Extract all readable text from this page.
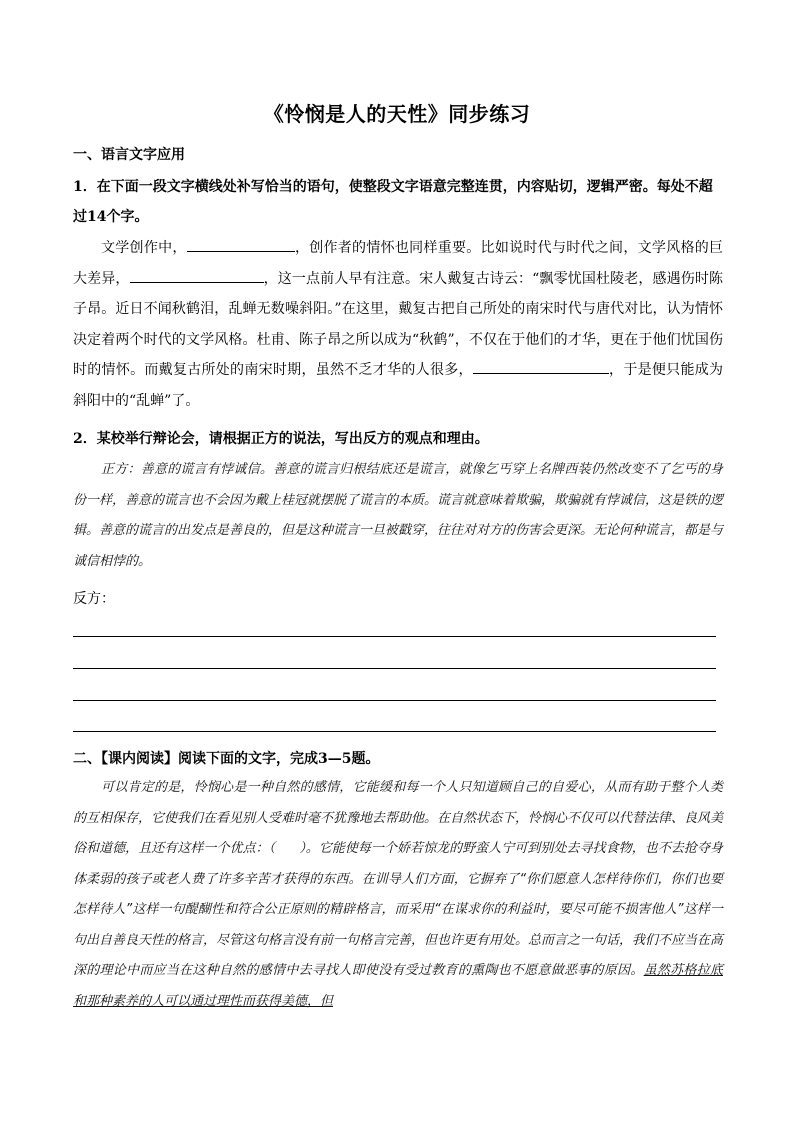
《怜悯是人的天性》同步练习
一、语言文字应用
1．在下面一段文字横线处补写恰当的语句，使整段文字语意完整连贯，内容贴切，逻辑严密。每处不超过14个字。
文学创作中，	，创作者的情怀也同样重要。比如说时代与时代之间，文学风格的巨大差异，	，这一点前人早有注意。宋人戴复古诗云：“飘零忧国杜陵老，感遇伤时陈子昂。近日不闻秋鹤泪，乱蝉无数噪斜阳。”在这里，戴复古把自己所处的南宋时代与唐代对比，认为情怀决定着两个时代的文学风格。杜甫、陈子昂之所以成为“秋鹤”，不仅在于他们的才华，更在于他们忧国伤时的情怀。而戴复古所处的南宋时期，虽然不乏才华的人很多，	，于是便只能成为斜阳中的“乱蝉”了。
2．某校举行辩论会，请根据正方的说法，写出反方的观点和理由。
正方：善意的谎言有悖诚信。善意的谎言归根结底还是谎言，就像乞丐穿上名牌西装仍然改变不了乞丐的身份一样，善意的谎言也不会因为戴上桂冠就摆脱了谎言的本质。谎言就意味着欺骗，欺骗就有悖诚信，这是铁的逻辑。善意的谎言的出发点是善良的，但是这种谎言一旦被戳穿，往往对对方的伤害会更深。无论何种谎言，都是与诚信相悖的。
反方：
二、【课内阅读】阅读下面的文字，完成3—5题。
可以肯定的是，怜悯心是一种自然的感情，它能缓和每一个人只知道顾自己的自爱心，从而有助于整个人类的互相保存，它使我们在看见别人受难时毫不犹豫地去帮助他。在自然状态下，怜悯心不仅可以代替法律、良风美俗和道德，且还有这样一个优点：（ ）。它能使每一个娇若惊龙的野蛮人宁可到别处去寻找食物，也不去抢夺身体柔弱的孩子或老人费了许多辛苦才获得的东西。在训导人们方面，它摒弃了“你们愿意人怎样待你们，你们也要怎样待人”这样一句醍醐性和符合公正原则的精辟格言，而采用“在谋求你的利益时，要尽可能不损害他人”这样一句出自善良天性的格言，尽管这句格言没有前一句格言完善，但也许更有用处。总而言之一句话，我们不应当在高深的理论中而应当在这种自然的感情中去寻找人即使没有受过教育的熏陶也不愿意做恶事的原因。虽然苏格拉底和那种素养的人可以通过理性而获得美德，但
